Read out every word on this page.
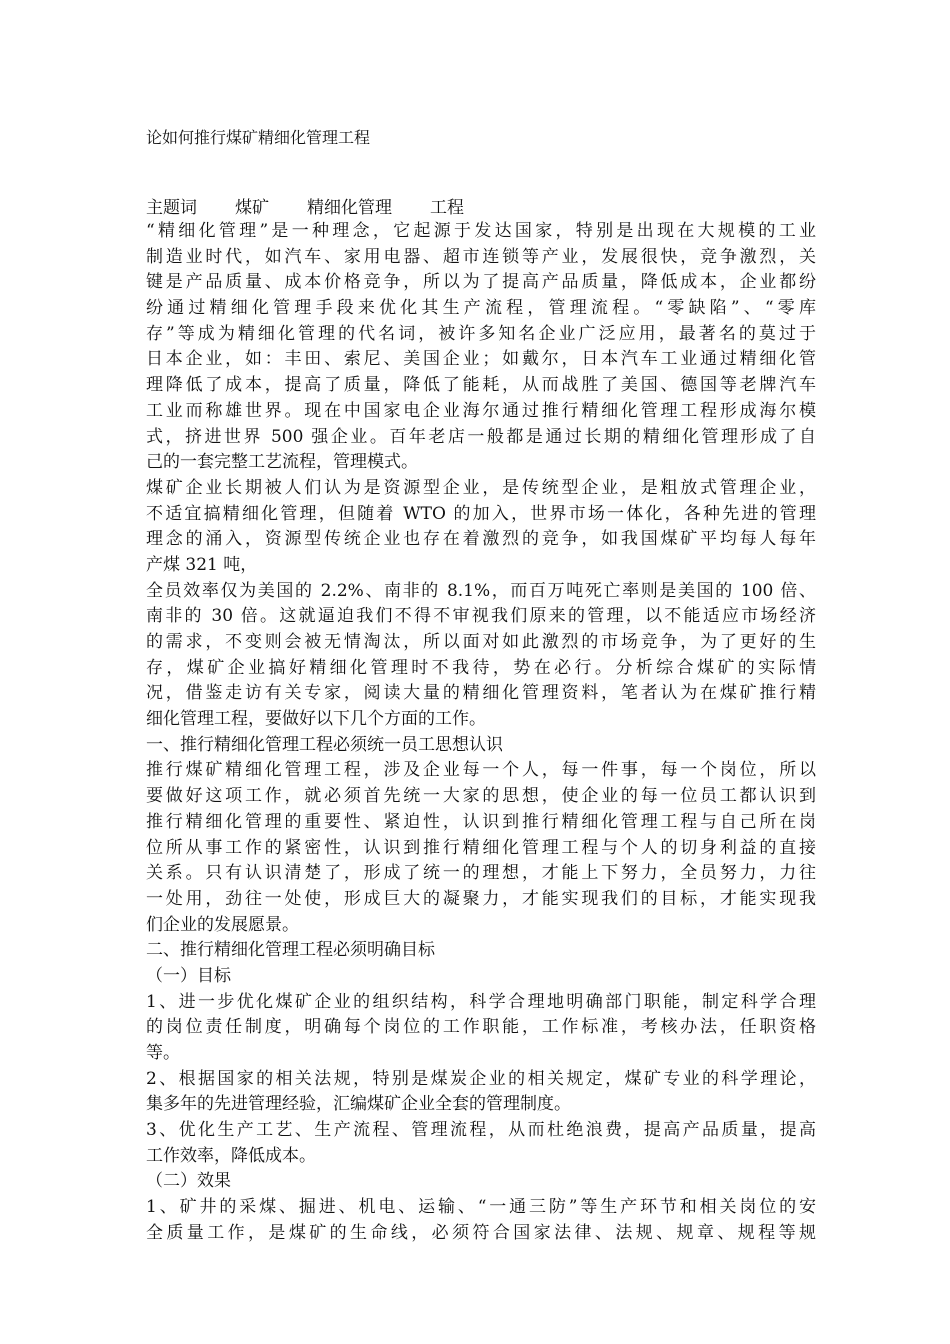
论如何推行煤矿精细化管理工程
主题词 煤矿 精细化管理 工程
“精细化管理”是一种理念，它起源于发达国家，特别是出现在大规模的工业
制造业时代，如汽车、家用电器、超市连锁等产业，发展很快，竞争激烈，关
键是产品质量、成本价格竞争，所以为了提高产品质量，降低成本，企业都纷
纷通过精细化管理手段来优化其生产流程，管理流程。“零缺陷”、“零库
存”等成为精细化管理的代名词，被许多知名企业广泛应用，最著名的莫过于
日本企业，如：丰田、索尼、美国企业；如戴尔，日本汽车工业通过精细化管
理降低了成本，提高了质量，降低了能耗，从而战胜了美国、德国等老牌汽车
工业而称雄世界。现在中国家电企业海尔通过推行精细化管理工程形成海尔模
式，挤进世界 500 强企业。百年老店一般都是通过长期的精细化管理形成了自
己的一套完整工艺流程，管理模式。
煤矿企业长期被人们认为是资源型企业，是传统型企业，是粗放式管理企业，
不适宜搞精细化管理，但随着 WTO 的加入，世界市场一体化，各种先进的管理
理念的涌入，资源型传统企业也存在着激烈的竞争，如我国煤矿平均每人每年
产煤 321 吨，
全员效率仅为美国的 2.2%、南非的 8.1%，而百万吨死亡率则是美国的 100 倍、
南非的 30 倍。这就逼迫我们不得不审视我们原来的管理，以不能适应市场经济
的需求，不变则会被无情淘汰，所以面对如此激烈的市场竞争，为了更好的生
存，煤矿企业搞好精细化管理时不我待，势在必行。分析综合煤矿的实际情
况，借鉴走访有关专家，阅读大量的精细化管理资料，笔者认为在煤矿推行精
细化管理工程，要做好以下几个方面的工作。
一、推行精细化管理工程必须统一员工思想认识
推行煤矿精细化管理工程，涉及企业每一个人，每一件事，每一个岗位，所以
要做好这项工作，就必须首先统一大家的思想，使企业的每一位员工都认识到
推行精细化管理的重要性、紧迫性，认识到推行精细化管理工程与自己所在岗
位所从事工作的紧密性，认识到推行精细化管理工程与个人的切身利益的直接
关系。只有认识清楚了，形成了统一的理想，才能上下努力，全员努力，力往
一处用，劲往一处使，形成巨大的凝聚力，才能实现我们的目标，才能实现我
们企业的发展愿景。
二、推行精细化管理工程必须明确目标
（一）目标
1、进一步优化煤矿企业的组织结构，科学合理地明确部门职能，制定科学合理
的岗位责任制度，明确每个岗位的工作职能，工作标准，考核办法，任职资格
等。
2、根据国家的相关法规，特别是煤炭企业的相关规定，煤矿专业的科学理论，
集多年的先进管理经验，汇编煤矿企业全套的管理制度。
3、优化生产工艺、生产流程、管理流程，从而杜绝浪费，提高产品质量，提高
工作效率，降低成本。
（二）效果
1、矿井的采煤、掘进、机电、运输、“一通三防”等生产环节和相关岗位的安
全质量工作，是煤矿的生命线，必须符合国家法律、法规、规章、规程等规
